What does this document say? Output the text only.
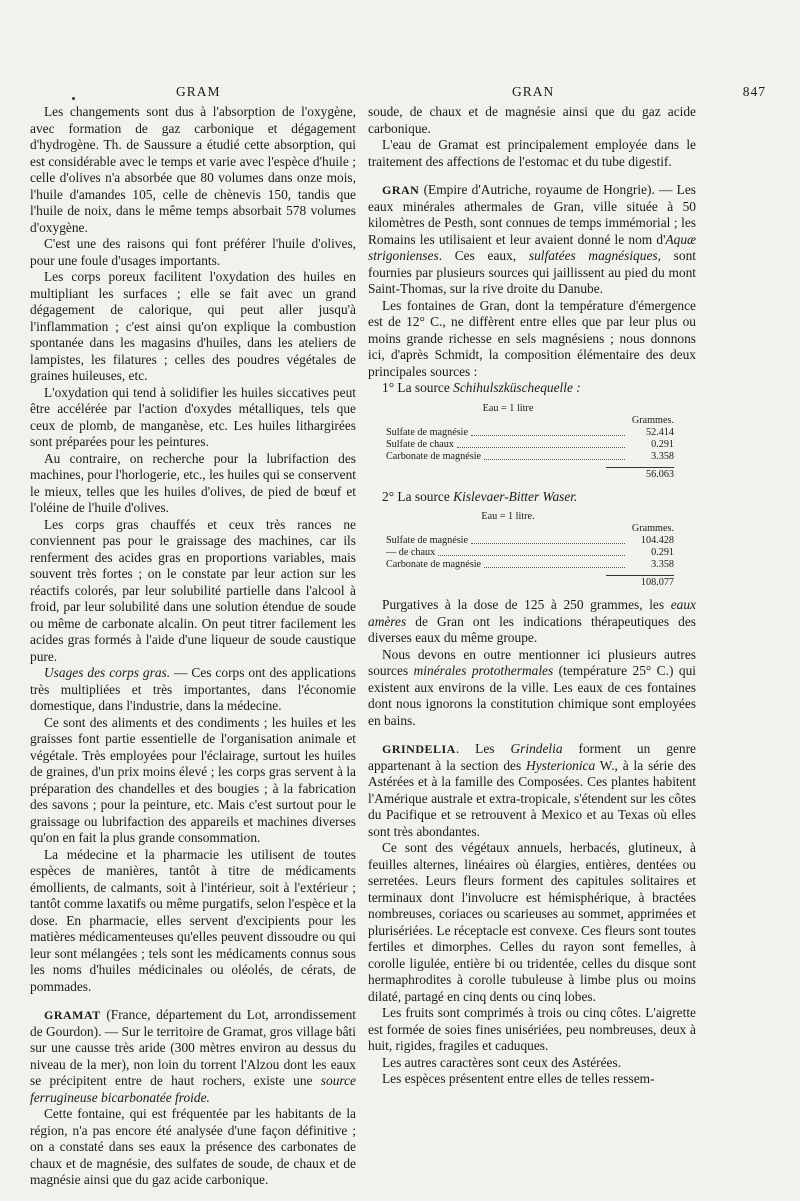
GRAM	GRAN	847

Les changements sont dus à l'absorption de l'oxygène, avec formation de gaz carbonique et dégagement d'hydrogène. Th. de Saussure a étudié cette absorption, qui est considérable avec le temps et varie avec l'espèce d'huile ; celle d'olives n'a absorbée que 80 volumes dans onze mois, l'huile d'amandes 105, celle de chènevis 150, tandis que l'huile de noix, dans le même temps absorbait 578 volumes d'oxygène.

C'est une des raisons qui font préférer l'huile d'olives, pour une foule d'usages importants.

Les corps poreux facilitent l'oxydation des huiles en multipliant les surfaces ; elle se fait avec un grand dégagement de calorique, qui peut aller jusqu'à l'inflammation ; c'est ainsi qu'on explique la combustion spontanée dans les magasins d'huiles, dans les ateliers de lampistes, les filatures ; celles des poudres végétales de graines huileuses, etc.

L'oxydation qui tend à solidifier les huiles siccatives peut être accélérée par l'action d'oxydes métalliques, tels que ceux de plomb, de manganèse, etc. Les huiles lithargirées sont préparées pour les peintures.

Au contraire, on recherche pour la lubrifaction des machines, pour l'horlogerie, etc., les huiles qui se conservent le mieux, telles que les huiles d'olives, de pied de bœuf et l'oléine de l'huile d'olives.

Les corps gras chauffés et ceux très rances ne conviennent pas pour le graissage des machines, car ils renferment des acides gras en proportions variables, mais souvent très fortes ; on le constate par leur action sur les réactifs colorés, par leur solubilité partielle dans l'alcool à froid, par leur solubilité dans une solution étendue de soude ou même de carbonate alcalin. On peut titrer facilement les acides gras formés à l'aide d'une liqueur de soude caustique pure.

Usages des corps gras. — Ces corps ont des applications très multipliées et très importantes, dans l'économie domestique, dans l'industrie, dans la médecine.

Ce sont des aliments et des condiments ; les huiles et les graisses font partie essentielle de l'organisation animale et végétale. Très employées pour l'éclairage, surtout les huiles de graines, d'un prix moins élevé ; les corps gras servent à la préparation des chandelles et des bougies ; à la fabrication des savons ; pour la peinture, etc. Mais c'est surtout pour le graissage ou lubrifaction des appareils et machines diverses qu'on en fait la plus grande consommation.

La médecine et la pharmacie les utilisent de toutes espèces de manières, tantôt à titre de médicaments émollients, de calmants, soit à l'intérieur, soit à l'extérieur ; tantôt comme laxatifs ou même purgatifs, selon l'espèce et la dose. En pharmacie, elles servent d'excipients pour les matières médicamenteuses qu'elles peuvent dissoudre ou qui leur sont mélangées ; tels sont les médicaments connus sous les noms d'huiles médicinales ou oléolés, de cérats, de pommades.

GRAMAT (France, département du Lot, arrondissement de Gourdon). — Sur le territoire de Gramat, gros village bâti sur une causse très aride (300 mètres environ au dessus du niveau de la mer), non loin du torrent l'Alzou dont les eaux se précipitent entre de haut rochers, existe une source ferrugineuse bicarbonatée froide.

Cette fontaine, qui est fréquentée par les habitants de la région, n'a pas encore été analysée d'une façon définitive ; on a constaté dans ses eaux la présence des carbonates de chaux et de magnésie, des sulfates de soude, de chaux et de magnésie ainsi que du gaz acide carbonique.

soude, de chaux et de magnésie ainsi que du gaz acide carbonique.

L'eau de Gramat est principalement employée dans le traitement des affections de l'estomac et du tube digestif.

GRAN (Empire d'Autriche, royaume de Hongrie). — Les eaux minérales athermales de Gran, ville située à 50 kilomètres de Pesth, sont connues de temps immémorial ; les Romains les utilisaient et leur avaient donné le nom d'Aquæ strigonienses. Ces eaux, sulfatées magnésiques, sont fournies par plusieurs sources qui jaillissent au pied du mont Saint-Thomas, sur la rive droite du Danube.

Les fontaines de Gran, dont la température d'émergence est de 12° C., ne diffèrent entre elles que par leur plus ou moins grande richesse en sels magnésiens ; nous donnons ici, d'après Schmidt, la composition élémentaire des deux principales sources :

1° La source Schihulszküschequelle :

Eau = 1 litre
Grammes.
Sulfate de magnésie	52.414
Sulfate de chaux	0.291
Carbonate de magnésie	3.358
56.063

2° La source Kislevaer-Bitter Waser.

Eau = 1 litre.
Grammes.
Sulfate de magnésie	104.428
— de chaux	0.291
Carbonate de magnésie	3.358
108.077

Purgatives à la dose de 125 à 250 grammes, les eaux amères de Gran ont les indications thérapeutiques des diverses eaux du même groupe.

Nous devons en outre mentionner ici plusieurs autres sources minérales protothermales (température 25° C.) qui existent aux environs de la ville. Les eaux de ces fontaines dont nous ignorons la constitution chimique sont employées en bains.

GRINDELIA. Les Grindelia forment un genre appartenant à la section des Hysterionica W., à la série des Astérées et à la famille des Composées. Ces plantes habitent l'Amérique australe et extra-tropicale, s'étendent sur les côtes du Pacifique et se retrouvent à Mexico et au Texas où elles sont très abondantes.

Ce sont des végétaux annuels, herbacés, glutineux, à feuilles alternes, linéaires où élargies, entières, dentées ou serretées. Leurs fleurs forment des capitules solitaires et terminaux dont l'involucre est hémisphérique, à bractées nombreuses, coriaces ou scarieuses au sommet, apprimées et plurisériées. Le réceptacle est convexe. Ces fleurs sont toutes fertiles et dimorphes. Celles du rayon sont femelles, à corolle ligulée, entière bi ou tridentée, celles du disque sont hermaphrodites à corolle tubuleuse à limbe plus ou moins dilaté, partagé en cinq dents ou cinq lobes.

Les fruits sont comprimés à trois ou cinq côtes. L'aigrette est formée de soies fines unisériées, peu nombreuses, deux à huit, rigides, fragiles et caduques.

Les autres caractères sont ceux des Astérées.

Les espèces présentent entre elles de telles ressem-
